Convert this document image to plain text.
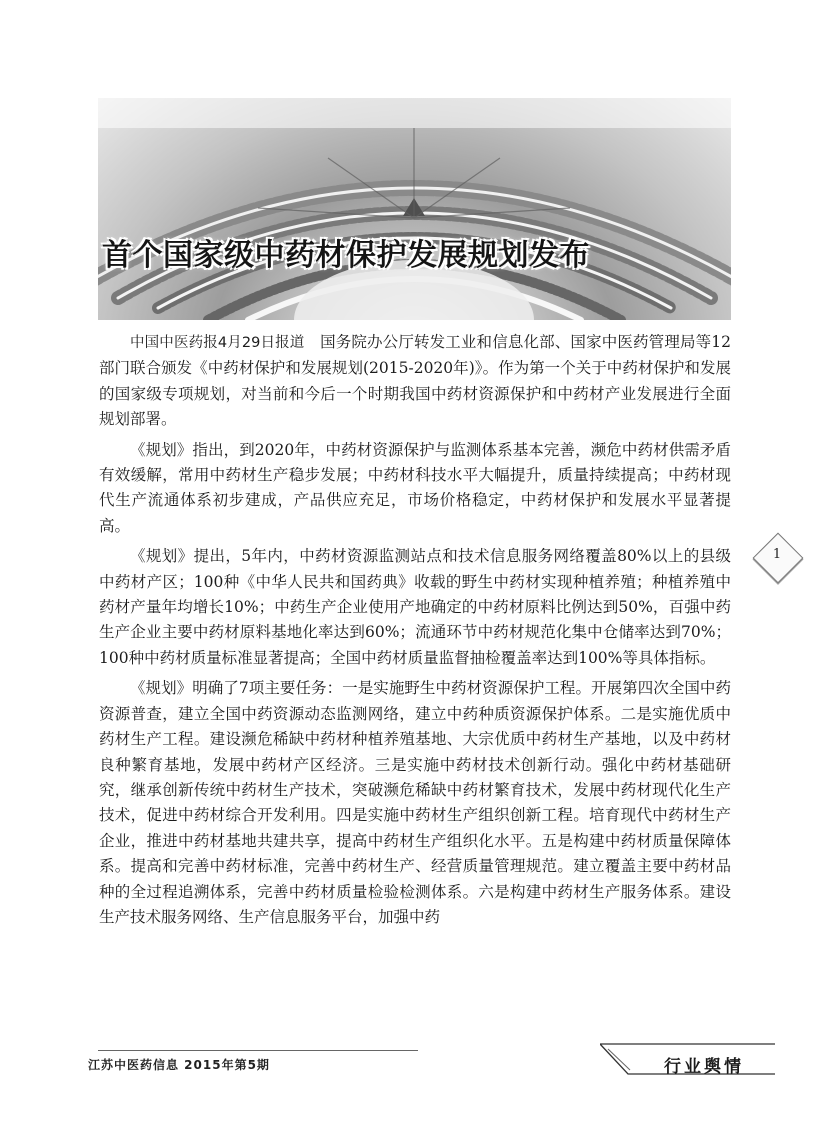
首个国家级中药材保护发展规划发布

中国中医药报4月29日报道　 国务院办公厅转发工业和信息化部、国家中医药管理局等12部门联合颁发《中药材保护和发展规划(2015-2020年)》。作为第一个关于中药材保护和发展的国家级专项规划，对当前和今后一个时期我国中药材资源保护和中药材产业发展进行全面规划部署。

《规划》指出，到2020年，中药材资源保护与监测体系基本完善，濒危中药材供需矛盾有效缓解，常用中药材生产稳步发展；中药材科技水平大幅提升，质量持续提高；中药材现代生产流通体系初步建成，产品供应充足，市场价格稳定，中药材保护和发展水平显著提高。

《规划》提出，5年内，中药材资源监测站点和技术信息服务网络覆盖80%以上的县级中药材产区；100种《中华人民共和国药典》收载的野生中药材实现种植养殖；种植养殖中药材产量年均增长10%；中药生产企业使用产地确定的中药材原料比例达到50%，百强中药生产企业主要中药材原料基地化率达到60%；流通环节中药材规范化集中仓储率达到70%；100种中药材质量标准显著提高；全国中药材质量监督抽检覆盖率达到100%等具体指标。

《规划》明确了7项主要任务：一是实施野生中药材资源保护工程。开展第四次全国中药资源普查，建立全国中药资源动态监测网络，建立中药种质资源保护体系。二是实施优质中药材生产工程。建设濒危稀缺中药材种植养殖基地、大宗优质中药材生产基地，以及中药材良种繁育基地，发展中药材产区经济。三是实施中药材技术创新行动。强化中药材基础研究，继承创新传统中药材生产技术，突破濒危稀缺中药材繁育技术，发展中药材现代化生产技术，促进中药材综合开发利用。四是实施中药材生产组织创新工程。培育现代中药材生产企业，推进中药材基地共建共享，提高中药材生产组织化水平。五是构建中药材质量保障体系。提高和完善中药材标准，完善中药材生产、经营质量管理规范。建立覆盖主要中药材品种的全过程追溯体系，完善中药材质量检验检测体系。六是构建中药材生产服务体系。建设生产技术服务网络、生产信息服务平台，加强中药

1
江苏中医药信息 2015年第5期	行业舆情
